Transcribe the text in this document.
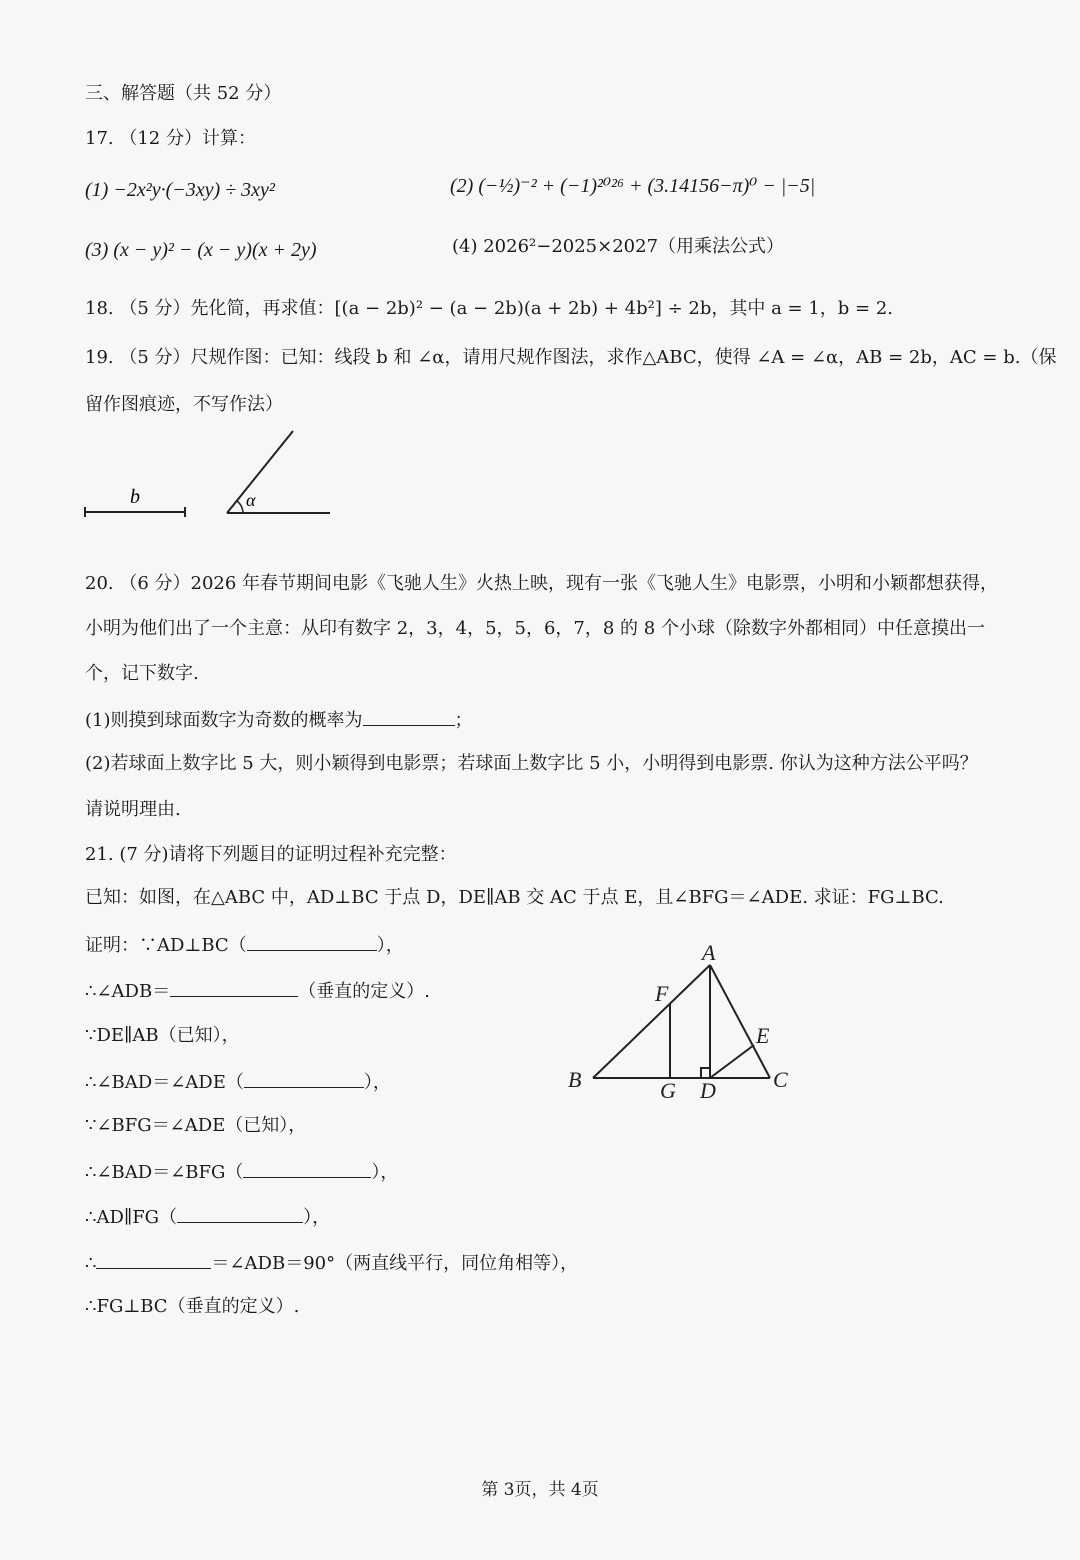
三、解答题（共 52 分）
17. （12 分）计算：
(1) −2x²y·(−3xy) ÷ 3xy²	(2) (−½)⁻² + (−1)²⁰²⁶ + (3.14156−π)⁰ − |−5|
(3) (x − y)² − (x − y)(x + 2y)	(4) 2026²−2025×2027（用乘法公式）
18. （5 分）先化简，再求值：[(a − 2b)² − (a − 2b)(a + 2b) + 4b²] ÷ 2b，其中 a = 1，b = 2.
19. （5 分）尺规作图：已知：线段 b 和 ∠α，请用尺规作图法，求作△ABC，使得 ∠A = ∠α，AB = 2b，AC = b.（保
留作图痕迹，不写作法）
b	α
20. （6 分）2026 年春节期间电影《飞驰人生》火热上映，现有一张《飞驰人生》电影票，小明和小颖都想获得，
小明为他们出了一个主意：从印有数字 2，3，4，5，5，6，7，8 的 8 个小球（除数字外都相同）中任意摸出一
个，记下数字.
(1)则摸到球面数字为奇数的概率为	；
(2)若球面上数字比 5 大，则小颖得到电影票；若球面上数字比 5 小，小明得到电影票. 你认为这种方法公平吗？
请说明理由.
21. (7 分)请将下列题目的证明过程补充完整：
已知：如图，在△ABC 中，AD⊥BC 于点 D，DE∥AB 交 AC 于点 E，且∠BFG＝∠ADE. 求证：FG⊥BC.
证明：∵AD⊥BC（	），
∴∠ADB＝	（垂直的定义）.
∵DE∥AB（已知），
∴∠BAD＝∠ADE（	），
∵∠BFG＝∠ADE（已知），
∴∠BAD＝∠BFG（	），
∴AD∥FG（	），
∴	＝∠ADB＝90°（两直线平行，同位角相等），
∴FG⊥BC（垂直的定义）.
A
F
E
B	C
G D
第 3页，共 4页
